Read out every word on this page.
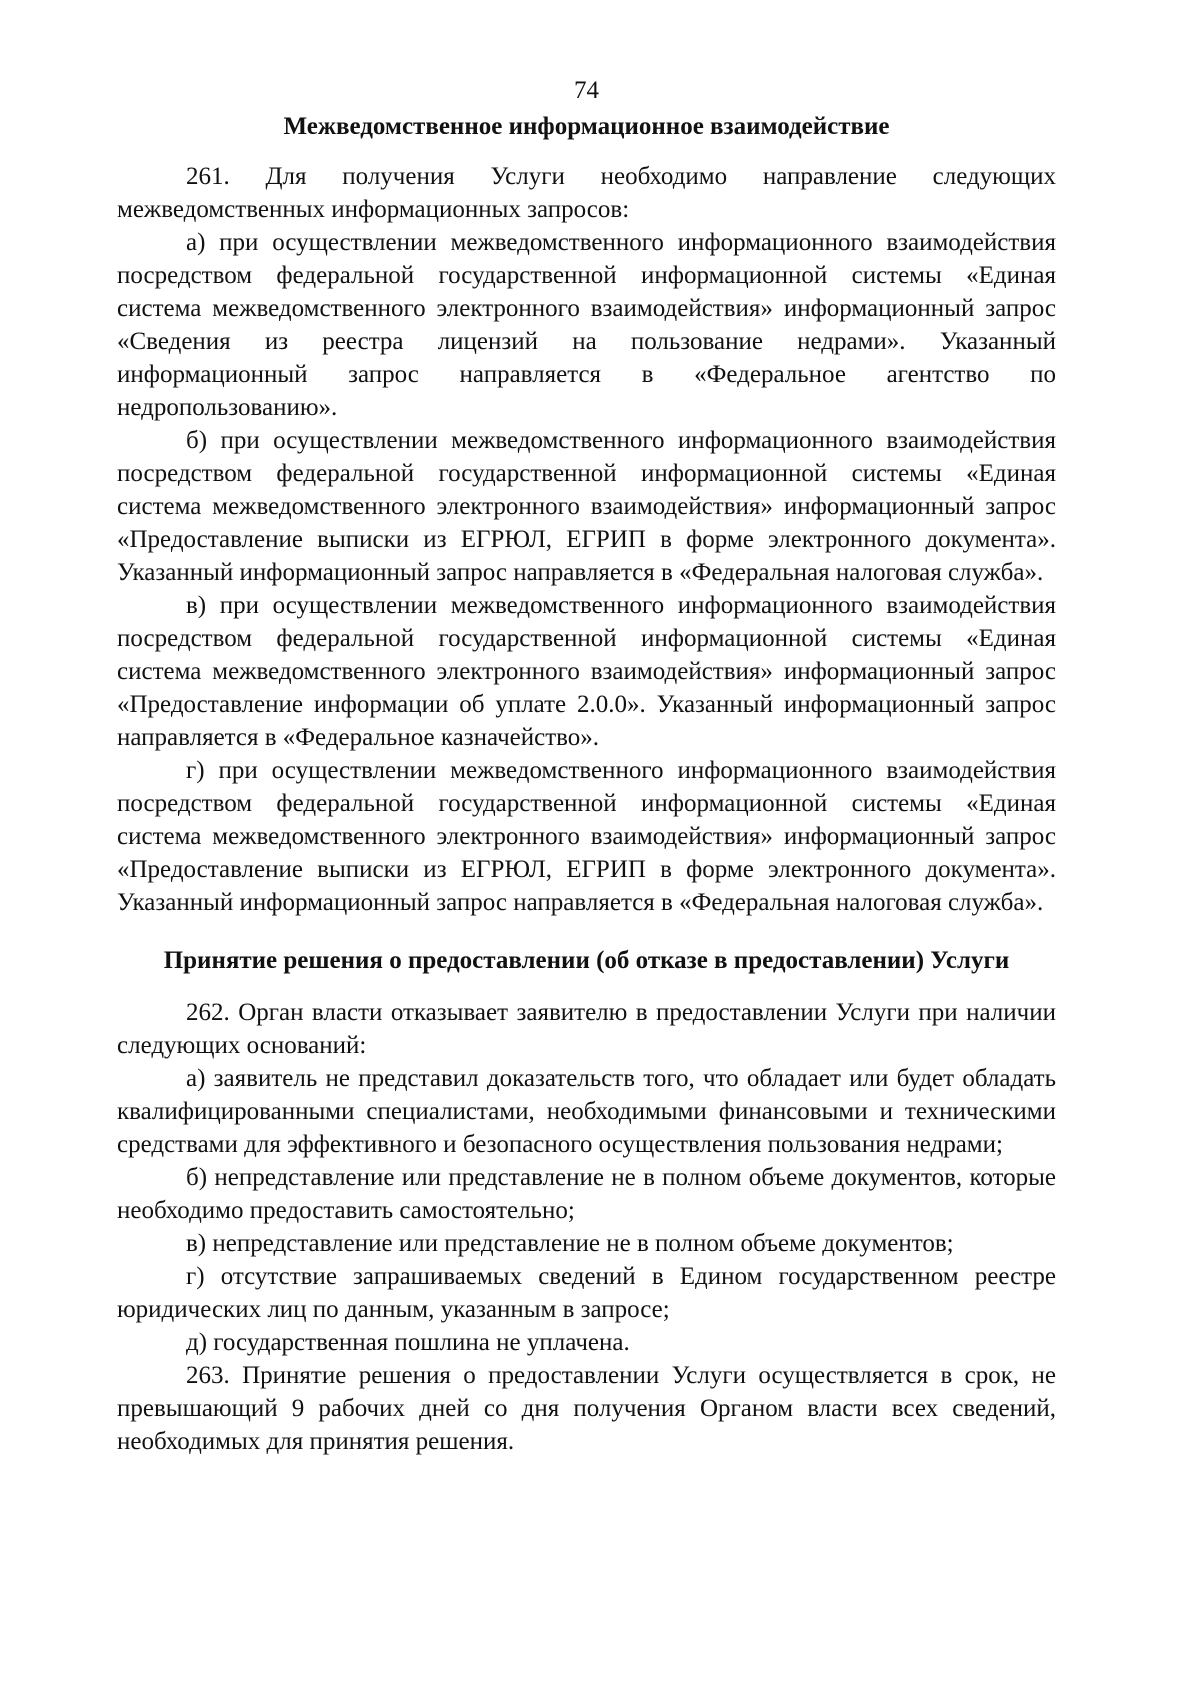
74
Межведомственное информационное взаимодействие

261. Для получения Услуги необходимо направление следующих межведомственных информационных запросов:

а) при осуществлении межведомственного информационного взаимодействия посредством федеральной государственной информационной системы «Единая система межведомственного электронного взаимодействия» информационный запрос «Сведения из реестра лицензий на пользование недрами». Указанный информационный запрос направляется в «Федеральное агентство по недропользованию».

б) при осуществлении межведомственного информационного взаимодействия посредством федеральной государственной информационной системы «Единая система межведомственного электронного взаимодействия» информационный запрос «Предоставление выписки из ЕГРЮЛ, ЕГРИП в форме электронного документа». Указанный информационный запрос направляется в «Федеральная налоговая служба».

в) при осуществлении межведомственного информационного взаимодействия посредством федеральной государственной информационной системы «Единая система межведомственного электронного взаимодействия» информационный запрос «Предоставление информации об уплате 2.0.0». Указанный информационный запрос направляется в «Федеральное казначейство».

г) при осуществлении межведомственного информационного взаимодействия посредством федеральной государственной информационной системы «Единая система межведомственного электронного взаимодействия» информационный запрос «Предоставление выписки из ЕГРЮЛ, ЕГРИП в форме электронного документа». Указанный информационный запрос направляется в «Федеральная налоговая служба».

Принятие решения о предоставлении (об отказе в предоставлении) Услуги

262. Орган власти отказывает заявителю в предоставлении Услуги при наличии следующих оснований:

а) заявитель не представил доказательств того, что обладает или будет обладать квалифицированными специалистами, необходимыми финансовыми и техническими средствами для эффективного и безопасного осуществления пользования недрами;

б) непредставление или представление не в полном объеме документов, которые необходимо предоставить самостоятельно;

в) непредставление или представление не в полном объеме документов;

г) отсутствие запрашиваемых сведений в Едином государственном реестре юридических лиц по данным, указанным в запросе;

д) государственная пошлина не уплачена.

263. Принятие решения о предоставлении Услуги осуществляется в срок, не превышающий 9 рабочих дней со дня получения Органом власти всех сведений, необходимых для принятия решения.
